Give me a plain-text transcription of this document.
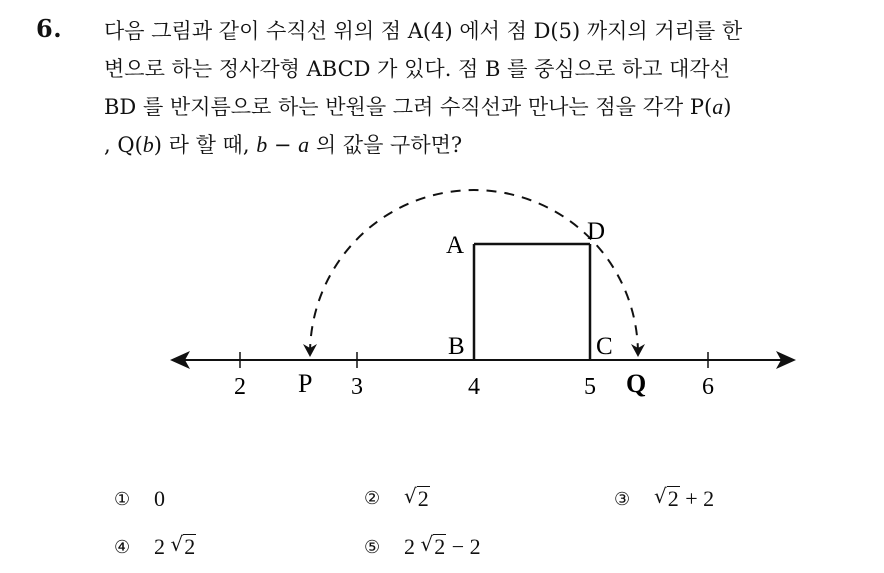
6. 다음 그림과 같이 수직선 위의 점 A(4) 에서 점 D(5) 까지의 거리를 한
변으로 하는 정사각형 ABCD 가 있다. 점 B 를 중심으로 하고 대각선
BD 를 반지름으로 하는 반원을 그려 수직선과 만나는 점을 각각 P(a)
, Q(b) 라 할 때, b − a 의 값을 구하면?
A
B	C
D
P	Q
2	3	4	5	6
①	0	②	√ 2	③	√ 2 + 2
④	2 √ 2	⑤	2 √ 2 − 2
